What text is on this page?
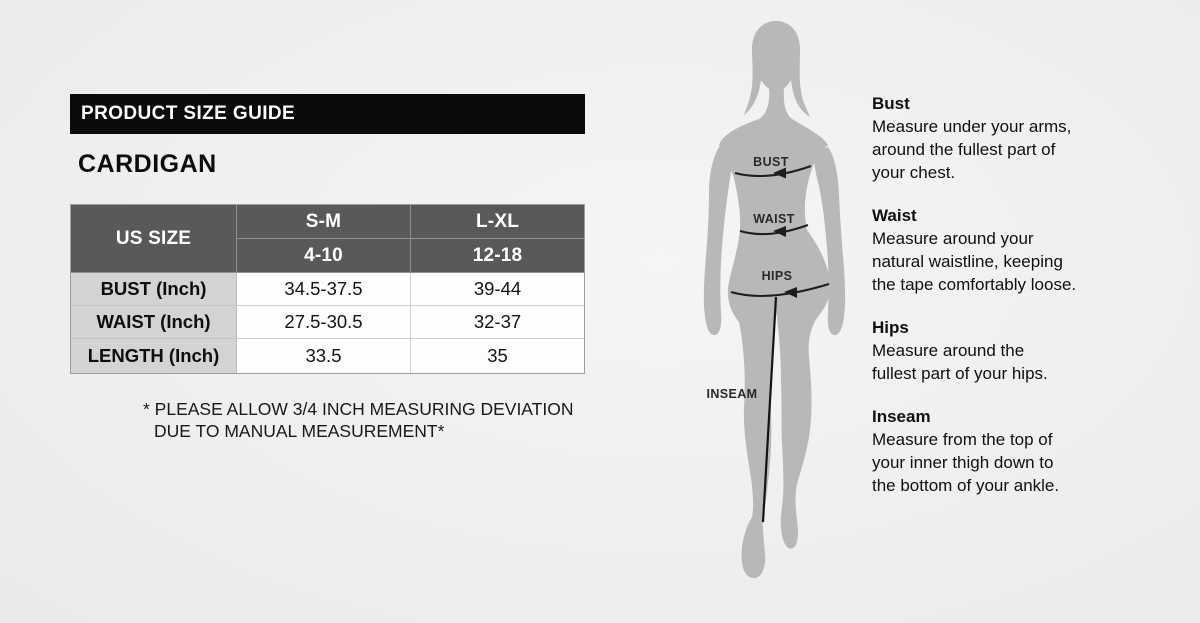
PRODUCT SIZE GUIDE
CARDIGAN
US SIZE
S-M	L-XL
4-10	12-18
BUST (Inch)	34.5-37.5	39-44
WAIST (Inch)	27.5-30.5	32-37
LENGTH (Inch)	33.5	35
* PLEASE ALLOW 3/4 INCH MEASURING DEVIATION
DUE TO MANUAL MEASUREMENT*
BUST
WAIST
HIPS
INSEAM
Bust
Measure under your arms,
around the fullest part of
your chest.
Waist
Measure around your
natural waistline, keeping
the tape comfortably loose.
Hips
Measure around the
fullest part of your hips.
Inseam
Measure from the top of
your inner thigh down to
the bottom of your ankle.
